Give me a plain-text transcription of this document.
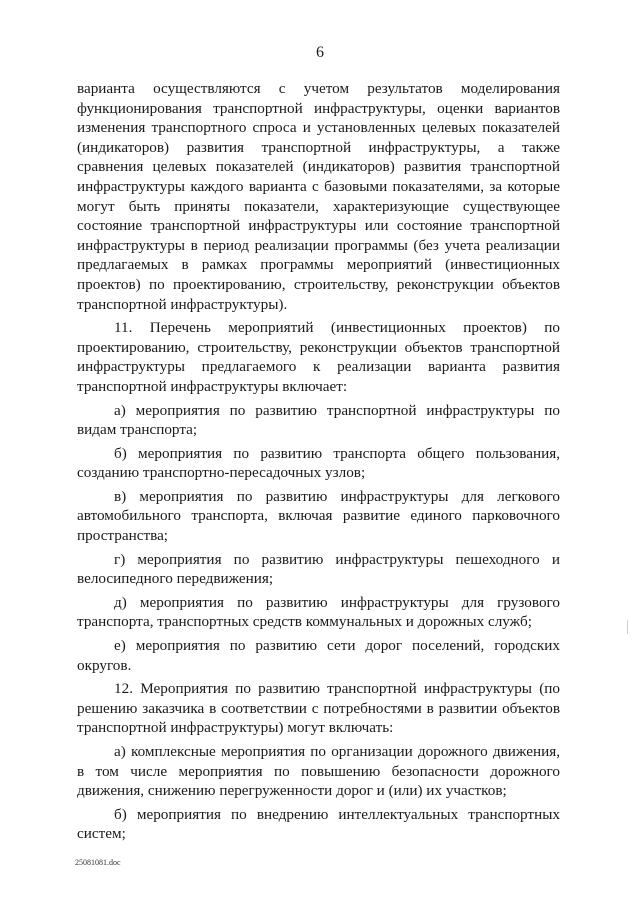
6

варианта осуществляются с учетом результатов моделирования функционирования транспортной инфраструктуры, оценки вариантов изменения транспортного спроса и установленных целевых показателей (индикаторов) развития транспортной инфраструктуры, а также сравнения целевых показателей (индикаторов) развития транспортной инфраструктуры каждого варианта с базовыми показателями, за которые могут быть приняты показатели, характеризующие существующее состояние транспортной инфраструктуры или состояние транспортной инфраструктуры в период реализации программы (без учета реализации предлагаемых в рамках программы мероприятий (инвестиционных проектов) по проектированию, строительству, реконструкции объектов транспортной инфраструктуры).

11. Перечень мероприятий (инвестиционных проектов) по проектированию, строительству, реконструкции объектов транспортной инфраструктуры предлагаемого к реализации варианта развития транспортной инфраструктуры включает:

а) мероприятия по развитию транспортной инфраструктуры по видам транспорта;

б) мероприятия по развитию транспорта общего пользования, созданию транспортно-пересадочных узлов;

в) мероприятия по развитию инфраструктуры для легкового автомобильного транспорта, включая развитие единого парковочного пространства;

г) мероприятия по развитию инфраструктуры пешеходного и велосипедного передвижения;

д) мероприятия по развитию инфраструктуры для грузового транспорта, транспортных средств коммунальных и дорожных служб;

е) мероприятия по развитию сети дорог поселений, городских округов.

12. Мероприятия по развитию транспортной инфраструктуры (по решению заказчика в соответствии с потребностями в развитии объектов транспортной инфраструктуры) могут включать:

а) комплексные мероприятия по организации дорожного движения, в том числе мероприятия по повышению безопасности дорожного движения, снижению перегруженности дорог и (или) их участков;

б) мероприятия по внедрению интеллектуальных транспортных систем;

25081081.doc
